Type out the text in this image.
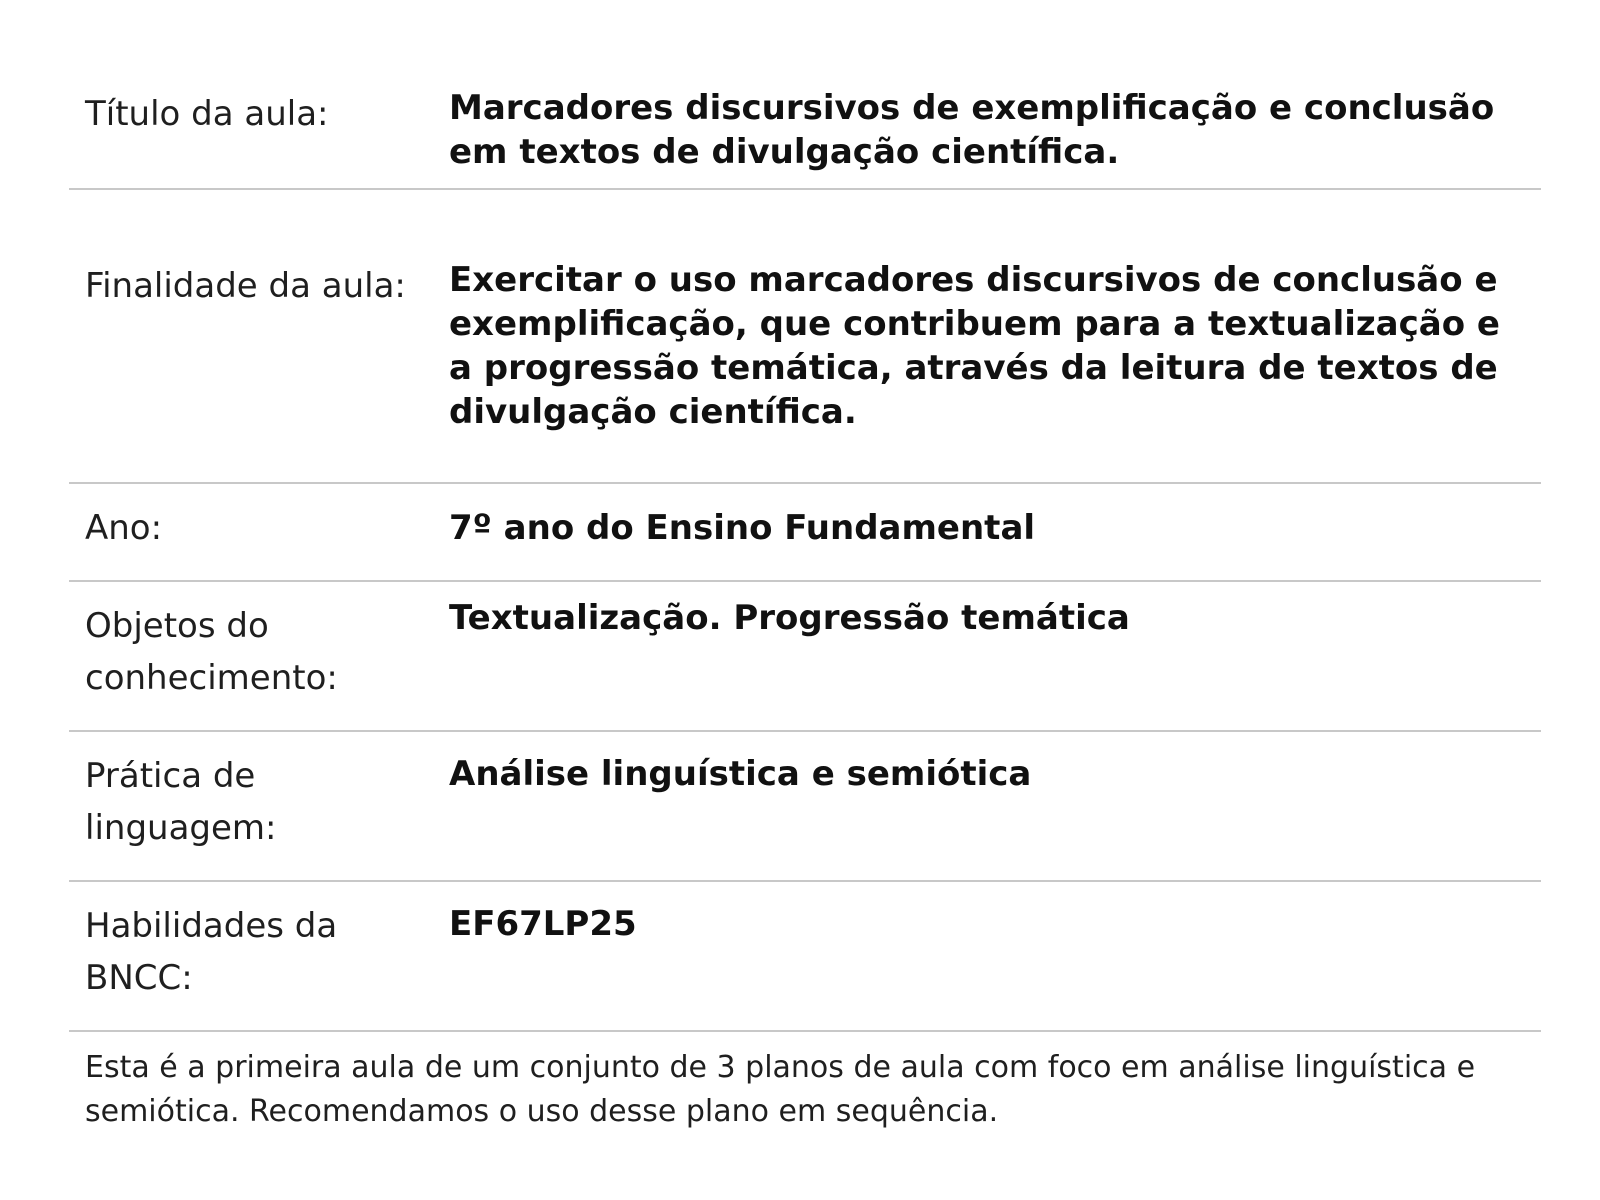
Título da aula:	Marcadores discursivos de exemplificação e conclusão em textos de divulgação científica.
Finalidade da aula:	Exercitar o uso marcadores discursivos de conclusão e exemplificação, que contribuem para a textualização e a progressão temática, através da leitura de textos de divulgação científica.
Ano:	7º ano do Ensino Fundamental
Objetos do conhecimento:
Textualização. Progressão temática
Prática de linguagem:
Análise linguística e semiótica
Habilidades da BNCC:
EF67LP25
Esta é a primeira aula de um conjunto de 3 planos de aula com foco em análise linguística e semiótica. Recomendamos o uso desse plano em sequência.
